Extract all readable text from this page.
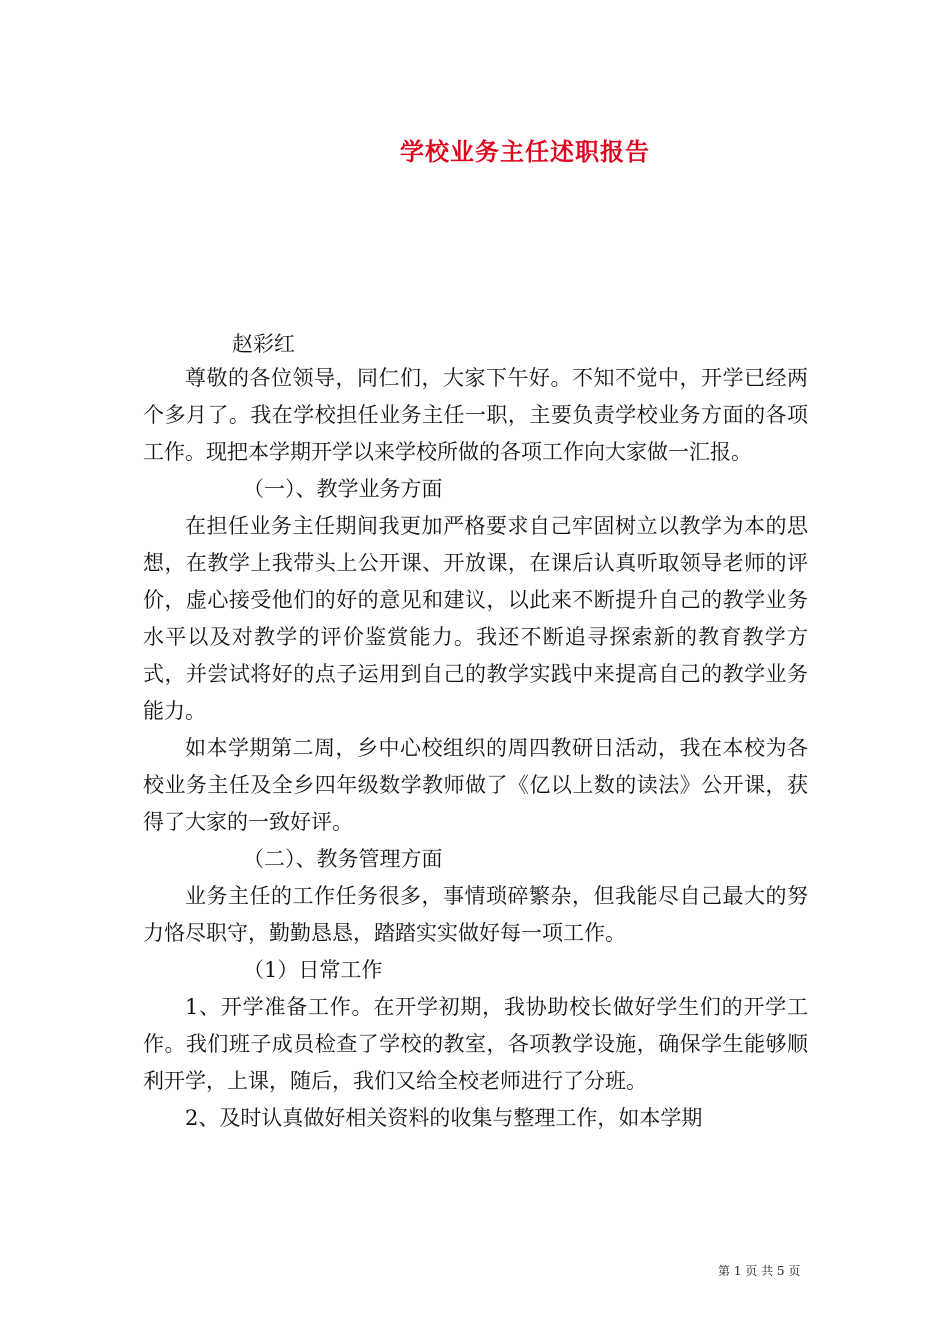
学校业务主任述职报告
赵彩红

尊敬的各位领导，同仁们，大家下午好。不知不觉中，开学已经两个多月了。我在学校担任业务主任一职，主要负责学校业务方面的各项工作。现把本学期开学以来学校所做的各项工作向大家做一汇报。

（一）、教学业务方面

在担任业务主任期间我更加严格要求自己牢固树立以教学为本的思想，在教学上我带头上公开课、开放课，在课后认真听取领导老师的评价，虚心接受他们的好的意见和建议，以此来不断提升自己的教学业务水平以及对教学的评价鉴赏能力。我还不断追寻探索新的教育教学方式，并尝试将好的点子运用到自己的教学实践中来提高自己的教学业务能力。

如本学期第二周，乡中心校组织的周四教研日活动，我在本校为各校业务主任及全乡四年级数学教师做了《亿以上数的读法》公开课，获得了大家的一致好评。

（二）、教务管理方面

业务主任的工作任务很多，事情琐碎繁杂，但我能尽自己最大的努力恪尽职守，勤勤恳恳，踏踏实实做好每一项工作。

（1）日常工作

1、开学准备工作。在开学初期，我协助校长做好学生们的开学工作。我们班子成员检查了学校的教室，各项教学设施，确保学生能够顺利开学，上课，随后，我们又给全校老师进行了分班。

2、及时认真做好相关资料的收集与整理工作，如本学期

第 1 页 共 5 页
